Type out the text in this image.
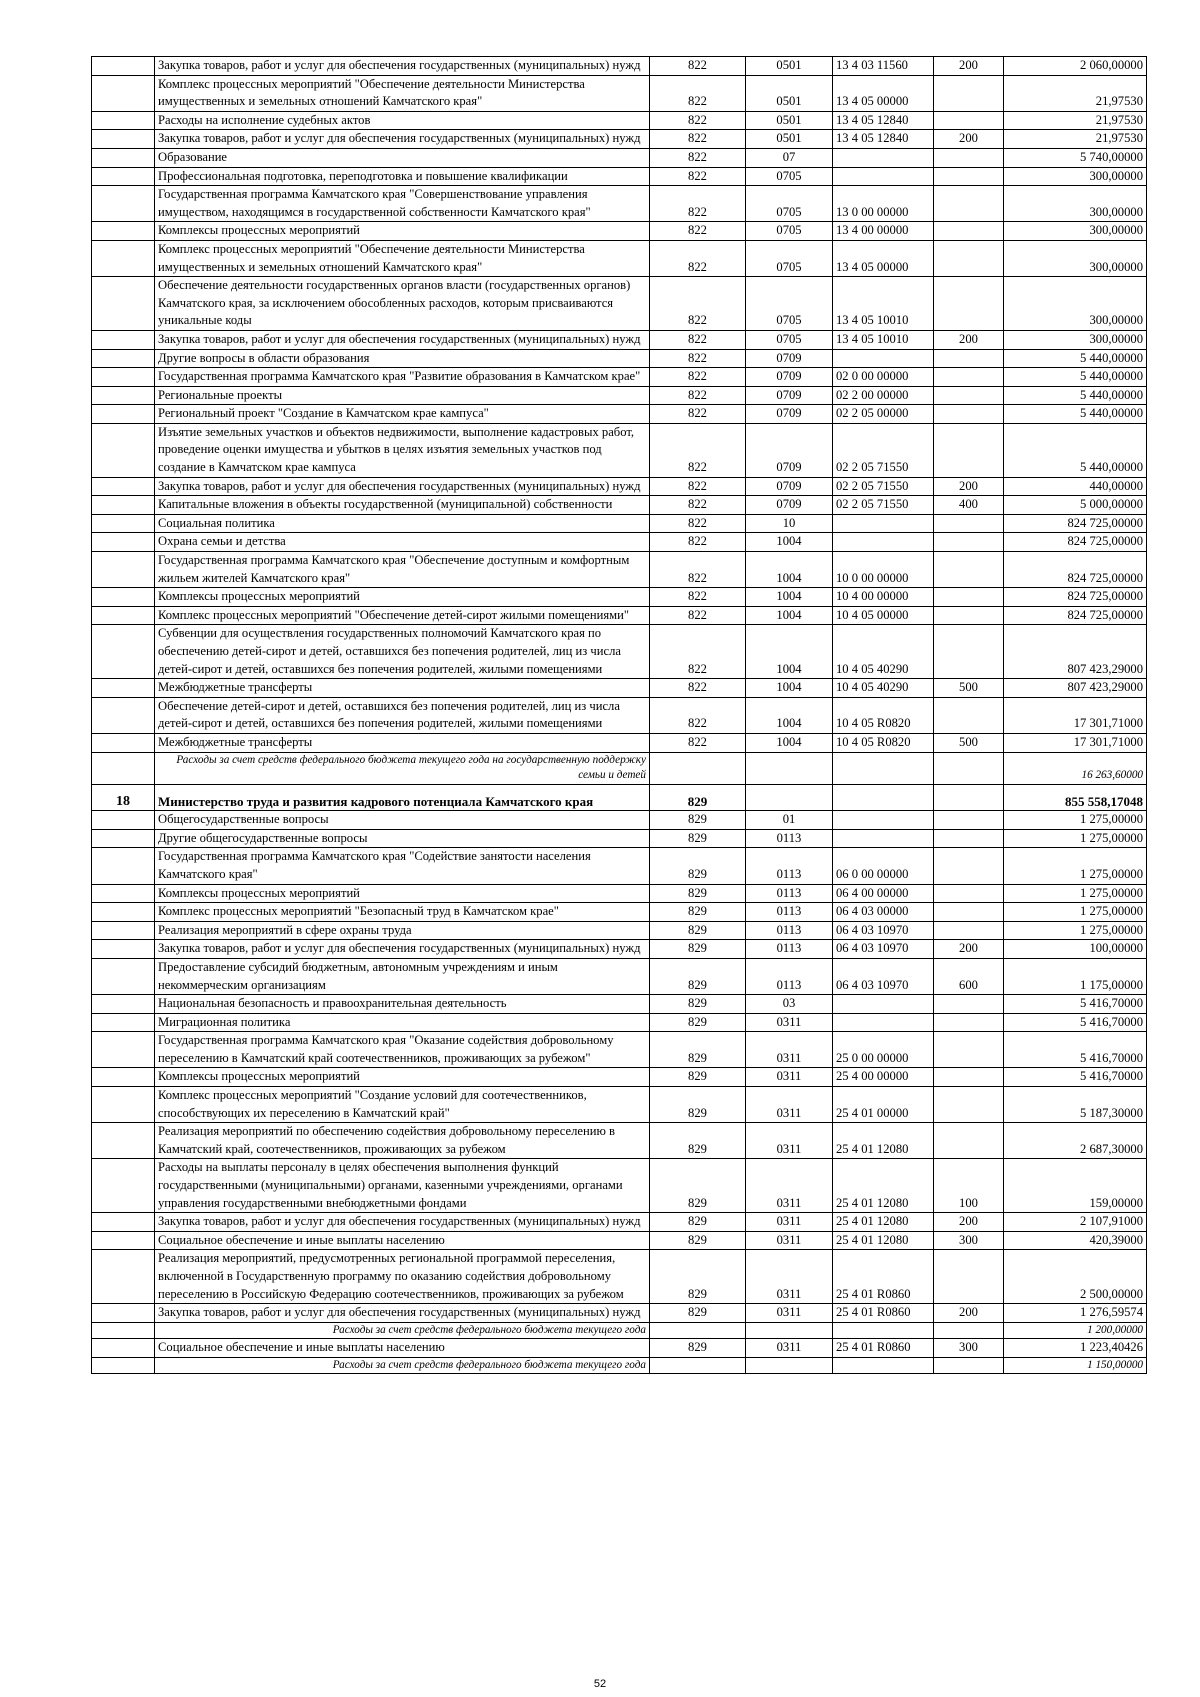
	Закупка товаров, работ и услуг для обеспечения государственных (муниципальных) нужд	822	0501	13 4 03 11560	200	2 060,00000
	Комплекс процессных мероприятий "Обеспечение деятельности Министерства имущественных и земельных отношений Камчатского края"	822	0501	13 4 05 00000		21,97530
	Расходы на исполнение судебных актов	822	0501	13 4 05 12840		21,97530
	Закупка товаров, работ и услуг для обеспечения государственных (муниципальных) нужд	822	0501	13 4 05 12840	200	21,97530
	Образование	822	07			5 740,00000
	Профессиональная подготовка, переподготовка и повышение квалификации	822	0705			300,00000
	Государственная программа Камчатского края "Совершенствование управления имуществом, находящимся в государственной собственности Камчатского края"	822	0705	13 0 00 00000		300,00000
	Комплексы процессных мероприятий	822	0705	13 4 00 00000		300,00000
	Комплекс процессных мероприятий "Обеспечение деятельности Министерства имущественных и земельных отношений Камчатского края"	822	0705	13 4 05 00000		300,00000
	Обеспечение деятельности государственных органов власти (государственных органов) Камчатского края, за исключением обособленных расходов, которым присваиваются уникальные коды	822	0705	13 4 05 10010		300,00000
	Закупка товаров, работ и услуг для обеспечения государственных (муниципальных) нужд	822	0705	13 4 05 10010	200	300,00000
	Другие вопросы в области образования	822	0709			5 440,00000
	Государственная программа Камчатского края "Развитие образования в Камчатском крае"	822	0709	02 0 00 00000		5 440,00000
	Региональные проекты	822	0709	02 2 00 00000		5 440,00000
	Региональный проект "Создание в Камчатском крае кампуса"	822	0709	02 2 05 00000		5 440,00000
	Изъятие земельных участков и объектов недвижимости, выполнение кадастровых работ, проведение оценки имущества и убытков в целях изъятия земельных участков под создание в Камчатском крае кампуса	822	0709	02 2 05 71550		5 440,00000
	Закупка товаров, работ и услуг для обеспечения государственных (муниципальных) нужд	822	0709	02 2 05 71550	200	440,00000
	Капитальные вложения в объекты государственной (муниципальной) собственности	822	0709	02 2 05 71550	400	5 000,00000
	Социальная политика	822	10			824 725,00000
	Охрана семьи и детства	822	1004			824 725,00000
	Государственная программа Камчатского края "Обеспечение доступным и комфортным жильем жителей Камчатского края"	822	1004	10 0 00 00000		824 725,00000
	Комплексы процессных мероприятий	822	1004	10 4 00 00000		824 725,00000
	Комплекс процессных мероприятий "Обеспечение детей-сирот жилыми помещениями"	822	1004	10 4 05 00000		824 725,00000
	Субвенции для осуществления государственных полномочий Камчатского края по обеспечению детей-сирот и детей, оставшихся без попечения родителей, лиц из числа детей-сирот и детей, оставшихся без попечения родителей, жилыми помещениями	822	1004	10 4 05 40290		807 423,29000
	Межбюджетные трансферты	822	1004	10 4 05 40290	500	807 423,29000
	Обеспечение детей-сирот и детей, оставшихся без попечения родителей, лиц из числа детей-сирот и детей, оставшихся без попечения родителей, жилыми помещениями	822	1004	10 4 05 R0820		17 301,71000
	Межбюджетные трансферты	822	1004	10 4 05 R0820	500	17 301,71000
	Расходы за счет средств федерального бюджета текущего года на государственную поддержку семьи и детей					16 263,60000
18	Министерство труда и развития кадрового потенциала Камчатского края	829				855 558,17048
	Общегосударственные вопросы	829	01			1 275,00000
	Другие общегосударственные вопросы	829	0113			1 275,00000
	Государственная программа Камчатского края "Содействие занятости населения Камчатского края"	829	0113	06 0 00 00000		1 275,00000
	Комплексы процессных мероприятий	829	0113	06 4 00 00000		1 275,00000
	Комплекс процессных мероприятий "Безопасный труд в Камчатском крае"	829	0113	06 4 03 00000		1 275,00000
	Реализация мероприятий в сфере охраны труда	829	0113	06 4 03 10970		1 275,00000
	Закупка товаров, работ и услуг для обеспечения государственных (муниципальных) нужд	829	0113	06 4 03 10970	200	100,00000
	Предоставление субсидий бюджетным, автономным учреждениям и иным некоммерческим организациям	829	0113	06 4 03 10970	600	1 175,00000
	Национальная безопасность и правоохранительная деятельность	829	03			5 416,70000
	Миграционная политика	829	0311			5 416,70000
	Государственная программа Камчатского края "Оказание содействия добровольному переселению в Камчатский край соотечественников, проживающих за рубежом"	829	0311	25 0 00 00000		5 416,70000
	Комплексы процессных мероприятий	829	0311	25 4 00 00000		5 416,70000
	Комплекс процессных мероприятий "Создание условий для соотечественников, способствующих их переселению в Камчатский край"	829	0311	25 4 01 00000		5 187,30000
	Реализация мероприятий по обеспечению содействия добровольному переселению в Камчатский край, соотечественников, проживающих за рубежом	829	0311	25 4 01 12080		2 687,30000
	Расходы на выплаты персоналу в целях обеспечения выполнения функций государственными (муниципальными) органами, казенными учреждениями, органами управления государственными внебюджетными фондами	829	0311	25 4 01 12080	100	159,00000
	Закупка товаров, работ и услуг для обеспечения государственных (муниципальных) нужд	829	0311	25 4 01 12080	200	2 107,91000
	Социальное обеспечение и иные выплаты населению	829	0311	25 4 01 12080	300	420,39000
	Реализация мероприятий, предусмотренных региональной программой переселения, включенной в Государственную программу по оказанию содействия добровольному переселению в Российскую Федерацию соотечественников, проживающих за рубежом	829	0311	25 4 01 R0860		2 500,00000
	Закупка товаров, работ и услуг для обеспечения государственных (муниципальных) нужд	829	0311	25 4 01 R0860	200	1 276,59574
	Расходы за счет средств федерального бюджета текущего года					1 200,00000
	Социальное обеспечение и иные выплаты населению	829	0311	25 4 01 R0860	300	1 223,40426
	Расходы за счет средств федерального бюджета текущего года					1 150,00000
52
